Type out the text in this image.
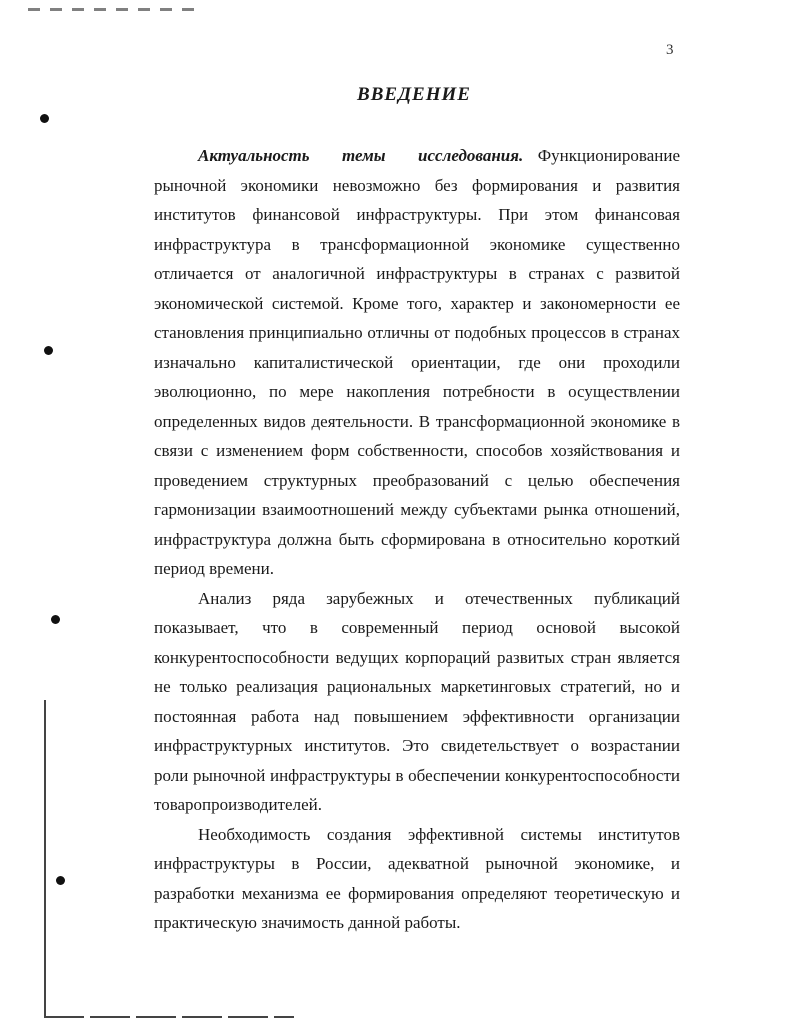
3
ВВЕДЕНИЕ

Актуальность темы исследования. Функционирование рыночной экономики невозможно без формирования и развития институтов финансовой инфраструктуры. При этом финансовая инфраструктура в трансформационной экономике существенно отличается от аналогичной инфраструктуры в странах с развитой экономической системой. Кроме того, характер и закономерности ее становления принципиально отличны от подобных процессов в странах изначально капиталистической ориентации, где они проходили эволюционно, по мере накопления потребности в осуществлении определенных видов деятельности. В трансформационной экономике в связи с изменением форм собственности, способов хозяйствования и проведением структурных преобразований с целью обеспечения гармонизации взаимоотношений между субъектами рынка отношений, инфраструктура должна быть сформирована в относительно короткий период времени.

Анализ ряда зарубежных и отечественных публикаций показывает, что в современный период основой высокой конкурентоспособности ведущих корпораций развитых стран является не только реализация рациональных маркетинговых стратегий, но и постоянная работа над повышением эффективности организации инфраструктурных институтов. Это свидетельствует о возрастании роли рыночной инфраструктуры в обеспечении конкурентоспособности товаропроизводителей.

Необходимость создания эффективной системы институтов инфраструктуры в России, адекватной рыночной экономике, и разработки механизма ее формирования определяют теоретическую и практическую значимость данной работы.
